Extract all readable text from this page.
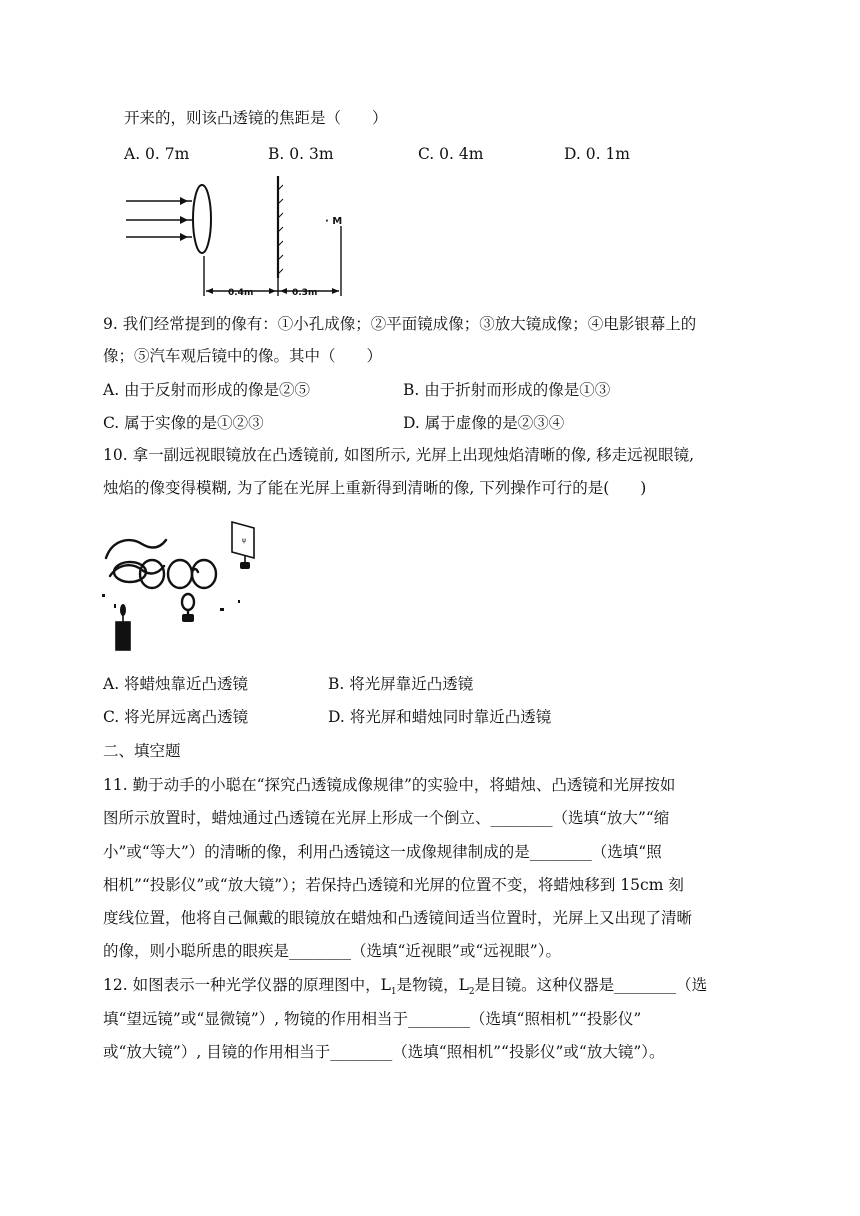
开来的，则该凸透镜的焦距是（　　）
A. 0. 7m	B. 0. 3m	C. 0. 4m	D. 0. 1m
· M
0.4m	0.3m
9. 我们经常提到的像有：①小孔成像；②平面镜成像；③放大镜成像；④电影银幕上的
像；⑤汽车观后镜中的像。其中（　　）
A. 由于反射而形成的像是②⑤	B. 由于折射而形成的像是①③
C. 属于实像的是①②③	D. 属于虚像的是②③④
10. 拿一副远视眼镜放在凸透镜前, 如图所示, 光屏上出现烛焰清晰的像, 移走远视眼镜,
烛焰的像变得模糊, 为了能在光屏上重新得到清晰的像, 下列操作可行的是(　　)
ψ
A. 将蜡烛靠近凸透镜	B. 将光屏靠近凸透镜
C. 将光屏远离凸透镜	D. 将光屏和蜡烛同时靠近凸透镜
二、填空题
11. 勤于动手的小聪在“探究凸透镜成像规律”的实验中，将蜡烛、凸透镜和光屏按如
图所示放置时，蜡烛通过凸透镜在光屏上形成一个倒立、________（选填“放大”“缩
小”或“等大”）的清晰的像，利用凸透镜这一成像规律制成的是________（选填“照
相机”“投影仪”或“放大镜”）；若保持凸透镜和光屏的位置不变，将蜡烛移到 15cm 刻
度线位置，他将自己佩戴的眼镜放在蜡烛和凸透镜间适当位置时，光屏上又出现了清晰
的像，则小聪所患的眼疾是________（选填“近视眼”或“远视眼”）。
12. 如图表示一种光学仪器的原理图中，$L_1$是物镜，$L_2$是目镜。这种仪器是________（选
填“望远镜”或“显微镜”）, 物镜的作用相当于________（选填“照相机”“投影仪”
或“放大镜”）, 目镜的作用相当于________（选填“照相机”“投影仪”或“放大镜”）。
